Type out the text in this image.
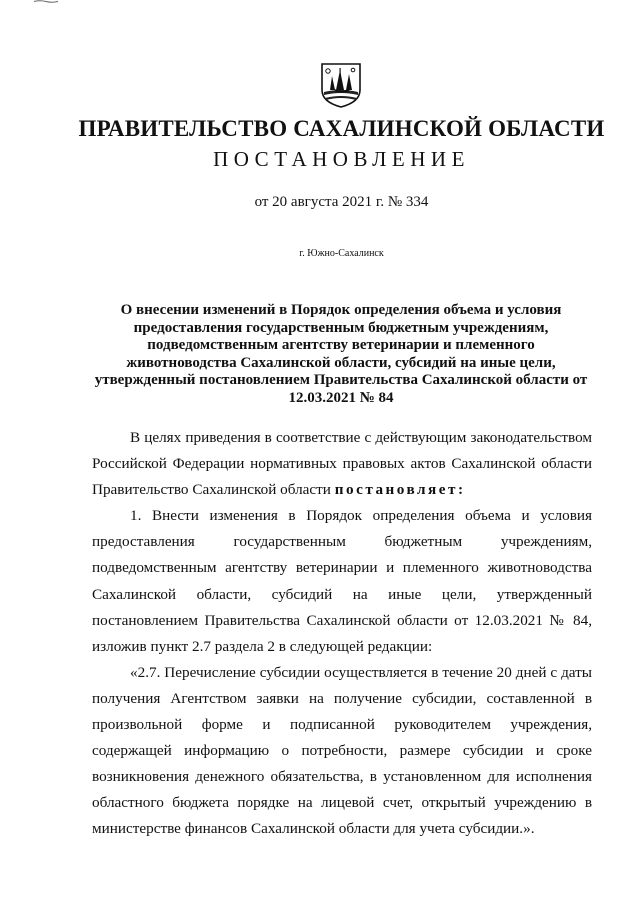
ПРАВИТЕЛЬСТВО САХАЛИНСКОЙ ОБЛАСТИ
ПОСТАНОВЛЕНИЕ
от 20 августа 2021 г. № 334
г. Южно-Сахалинск
О внесении изменений в Порядок определения объема и условия предоставления государственным бюджетным учреждениям, подведомственным агентству ветеринарии и племенного животноводства Сахалинской области, субсидий на иные цели, утвержденный постановлением Правительства Сахалинской области от 12.03.2021 № 84

В целях приведения в соответствие с действующим законодательством Российской Федерации нормативных правовых актов Сахалинской области Правительство Сахалинской области постановляет:

1. Внести изменения в Порядок определения объема и условия предоставления государственным бюджетным учреждениям, подведомственным агентству ветеринарии и племенного животноводства Сахалинской области, субсидий на иные цели, утвержденный постановлением Правительства Сахалинской области от 12.03.2021 № 84, изложив пункт 2.7 раздела 2 в следующей редакции:

«2.7. Перечисление субсидии осуществляется в течение 20 дней с даты получения Агентством заявки на получение субсидии, составленной в произвольной форме и подписанной руководителем учреждения, содержащей информацию о потребности, размере субсидии и сроке возникновения денежного обязательства, в установленном для исполнения областного бюджета порядке на лицевой счет, открытый учреждению в министерстве финансов Сахалинской области для учета субсидии.».
